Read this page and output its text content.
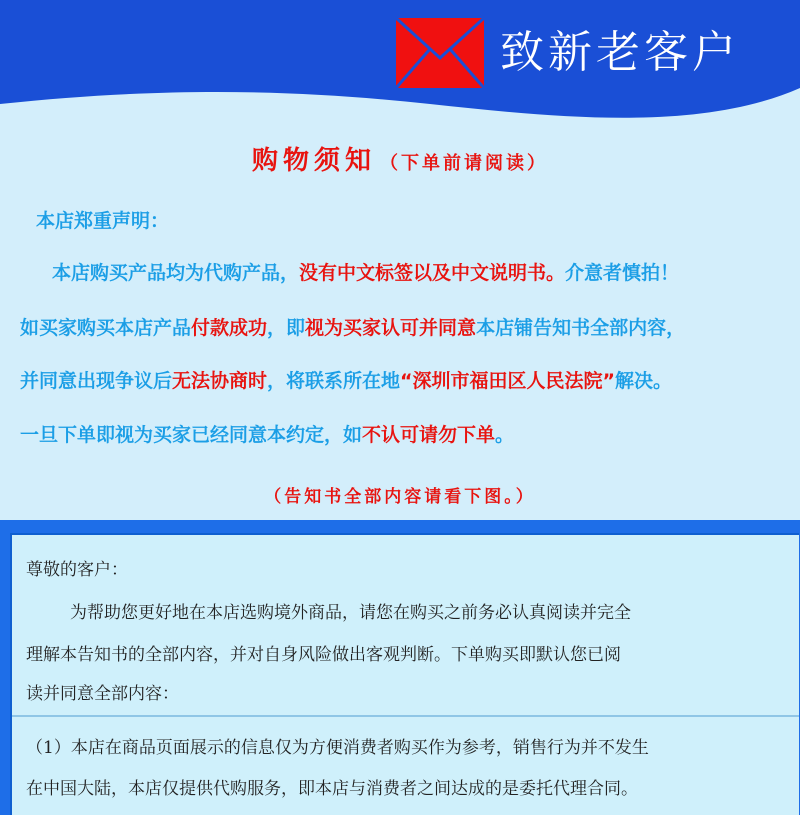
致新老客户
购物须知 （下单前请阅读）
本店郑重声明：
本店购买产品均为代购产品，没有中文标签以及中文说明书。介意者慎拍！
如买家购买本店产品付款成功，即视为买家认可并同意本店铺告知书全部内容，
并同意出现争议后无法协商时，将联系所在地“深圳市福田区人民法院”解决。
一旦下单即视为买家已经同意本约定，如不认可请勿下单。
（告知书全部内容请看下图。）
尊敬的客户：
为帮助您更好地在本店选购境外商品，请您在购买之前务必认真阅读并完全
理解本告知书的全部内容，并对自身风险做出客观判断。下单购买即默认您已阅
读并同意全部内容：
（1）本店在商品页面展示的信息仅为方便消费者购买作为参考，销售行为并不发生
在中国大陆，本店仅提供代购服务，即本店与消费者之间达成的是委托代理合同。
